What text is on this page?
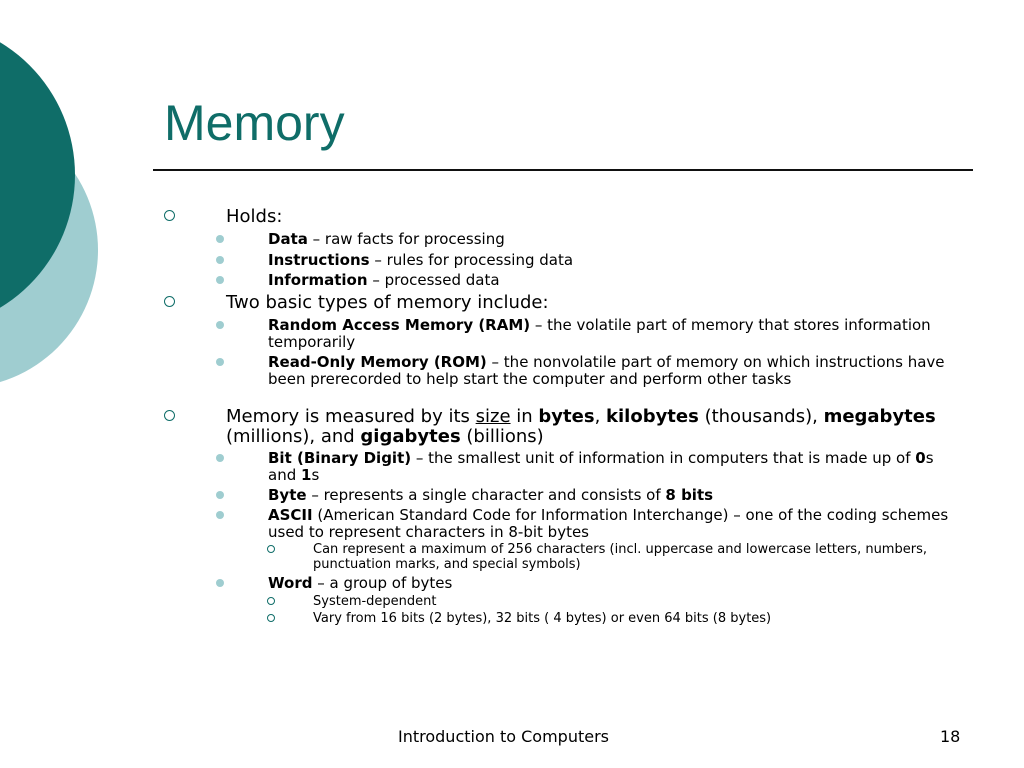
Memory
Holds:
Data – raw facts for processing
Instructions – rules for processing data
Information – processed data
Two basic types of memory include:
Random Access Memory (RAM) – the volatile part of memory that stores information temporarily
Read-Only Memory (ROM) – the nonvolatile part of memory on which instructions have been prerecorded to help start the computer and perform other tasks
Memory is measured by its size in bytes, kilobytes (thousands), megabytes (millions), and gigabytes (billions)
Bit (Binary Digit) – the smallest unit of information in computers that is made up of 0s and 1s
Byte – represents a single character and consists of 8 bits
ASCII (American Standard Code for Information Interchange) – one of the coding schemes used to represent characters in 8-bit bytes
Can represent a maximum of 256 characters (incl. uppercase and lowercase letters, numbers, punctuation marks, and special symbols)
Word – a group of bytes
System-dependent
Vary from 16 bits (2 bytes), 32 bits ( 4 bytes) or even 64 bits (8 bytes)
Introduction to Computers	18
